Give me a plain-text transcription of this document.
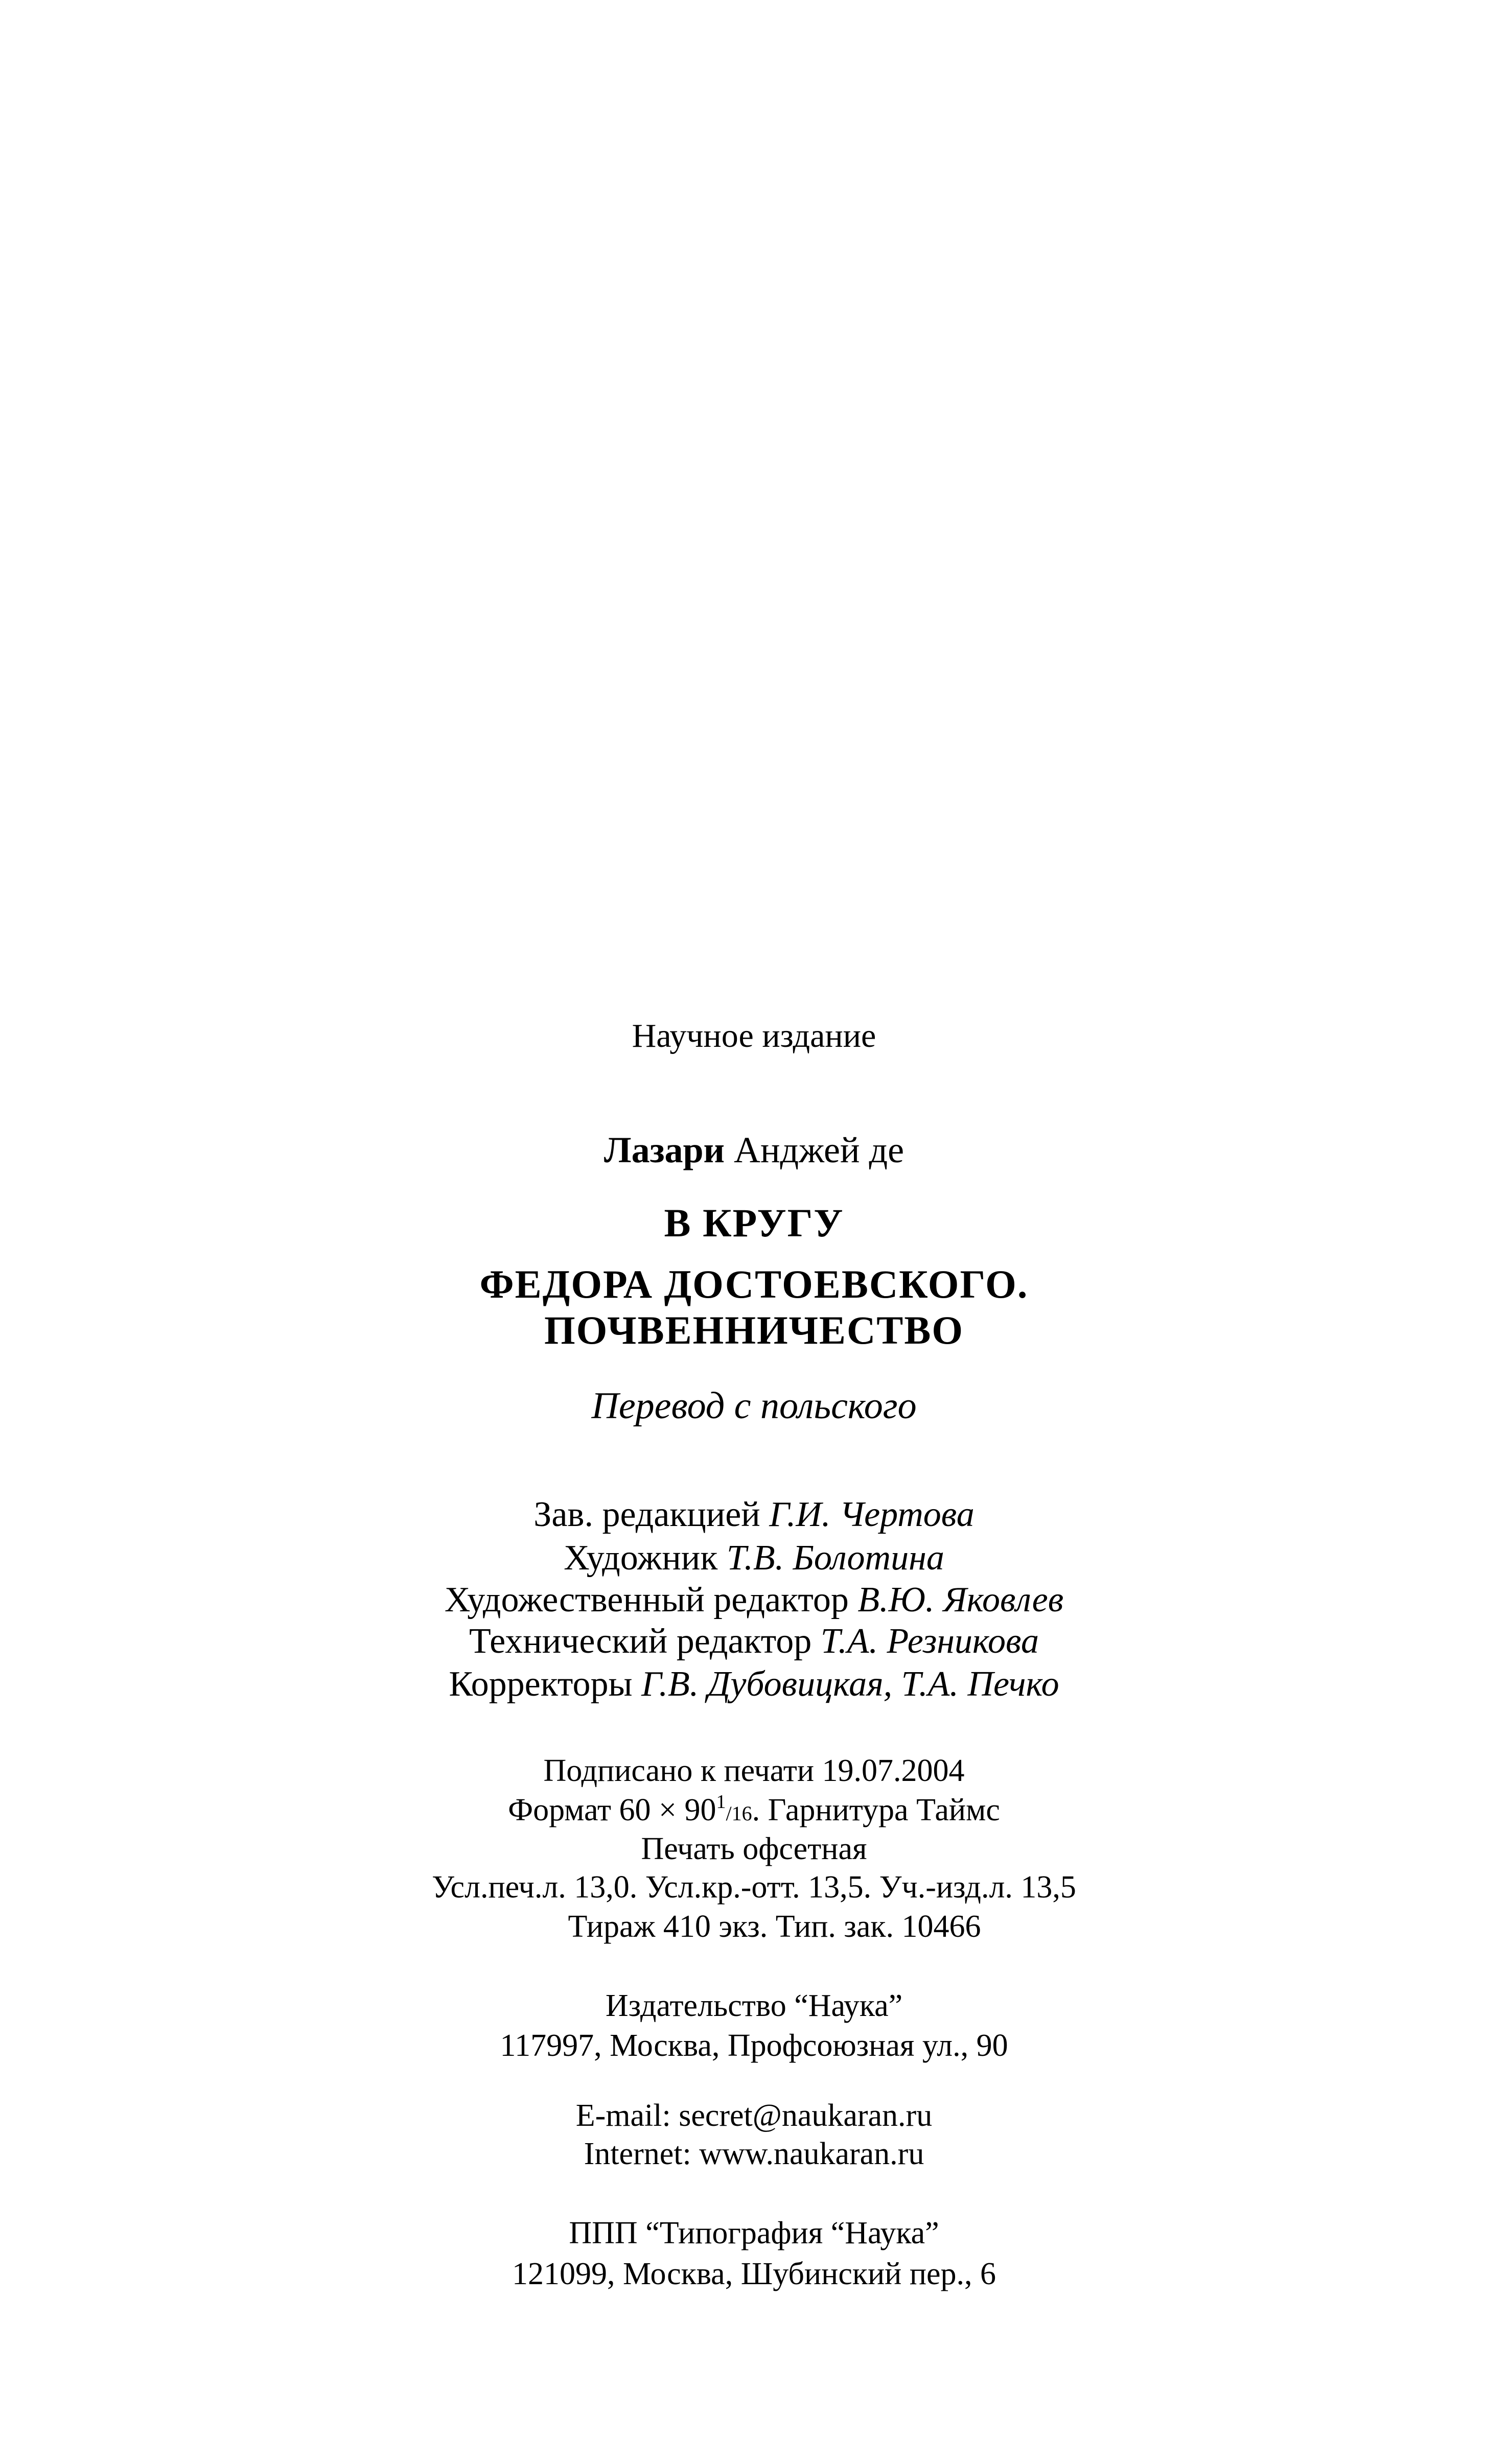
Научное издание
Лазари Анджей де
В КРУГУ
ФЕДОРА ДОСТОЕВСКОГО.
ПОЧВЕННИЧЕСТВО
Перевод с польского
Зав. редакцией Г.И. Чертова
Художник Т.В. Болотина
Художественный редактор В.Ю. Яковлев
Технический редактор Т.А. Резникова
Корректоры Г.В. Дубовицкая, Т.А. Печко
Подписано к печати 19.07.2004
Формат $60 \times 90^1/16$. Гарнитура Таймс
Печать офсетная
Усл.печ.л. 13,0. Усл.кр.-отт. 13,5. Уч.-изд.л. 13,5
Тираж 410 экз. Тип. зак. 10466
Издательство “Наука”
117997, Москва, Профсоюзная ул., 90
E-mail: secret@naukaran.ru
Internet: www.naukaran.ru
ППП “Типография “Наука”
121099, Москва, Шубинский пер., 6
